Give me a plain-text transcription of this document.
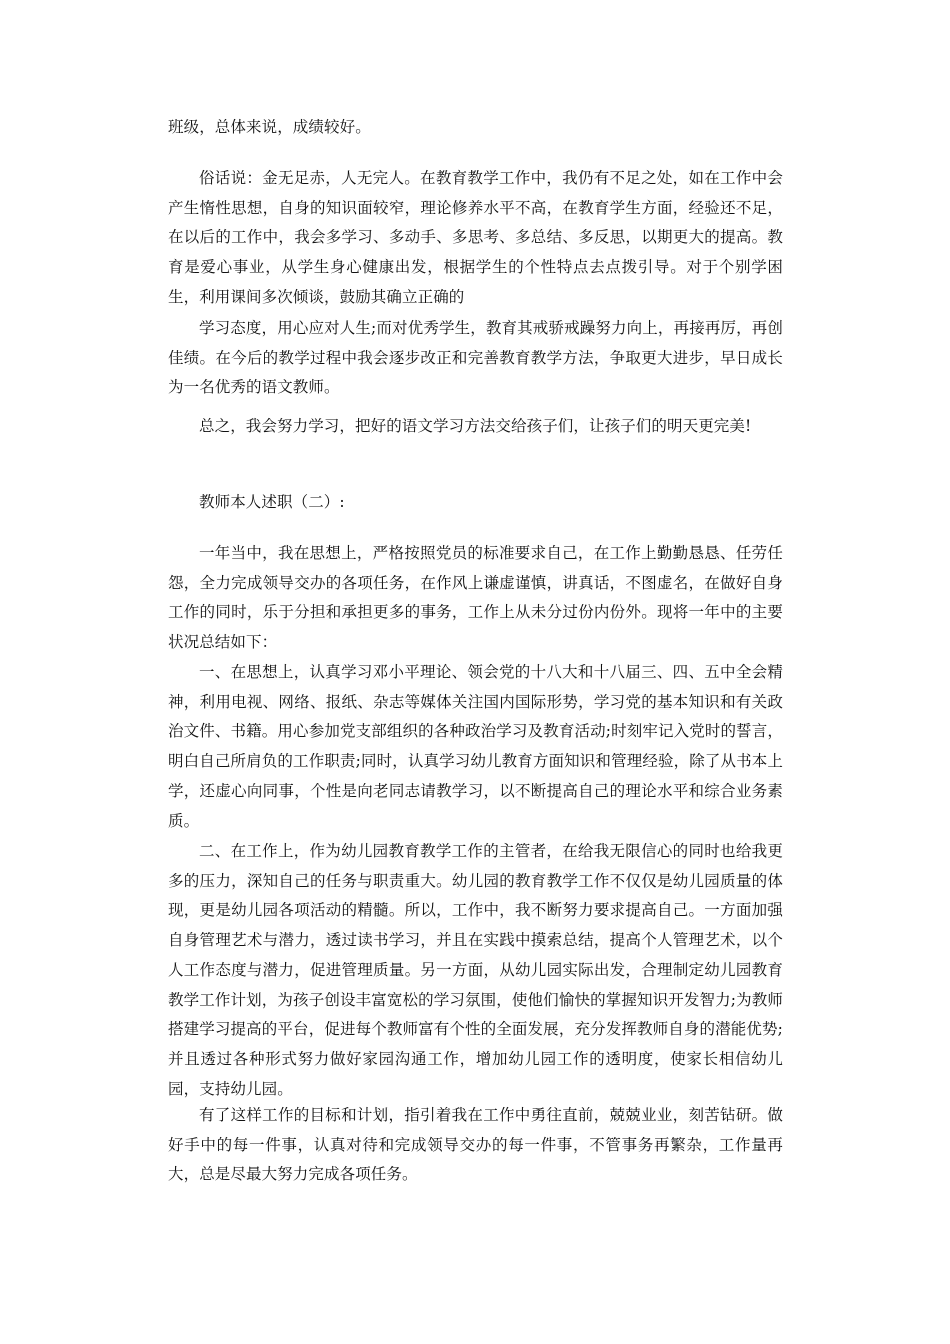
班级，总体来说，成绩较好。

俗话说：金无足赤，人无完人。在教育教学工作中，我仍有不足之处，如在工作中会产生惰性思想，自身的知识面较窄，理论修养水平不高，在教育学生方面，经验还不足，在以后的工作中，我会多学习、多动手、多思考、多总结、多反思，以期更大的提高。教育是爱心事业，从学生身心健康出发，根据学生的个性特点去点拨引导。对于个别学困生，利用课间多次倾谈，鼓励其确立正确的

学习态度，用心应对人生;而对优秀学生，教育其戒骄戒躁努力向上，再接再厉，再创佳绩。在今后的教学过程中我会逐步改正和完善教育教学方法，争取更大进步，早日成长为一名优秀的语文教师。

总之，我会努力学习，把好的语文学习方法交给孩子们，让孩子们的明天更完美!

教师本人述职（二）:

一年当中，我在思想上，严格按照党员的标准要求自己，在工作上勤勤恳恳、任劳任怨，全力完成领导交办的各项任务，在作风上谦虚谨慎，讲真话，不图虚名，在做好自身工作的同时，乐于分担和承担更多的事务，工作上从未分过份内份外。现将一年中的主要状况总结如下：

一、在思想上，认真学习邓小平理论、领会党的十八大和十八届三、四、五中全会精神，利用电视、网络、报纸、杂志等媒体关注国内国际形势，学习党的基本知识和有关政治文件、书籍。用心参加党支部组织的各种政治学习及教育活动;时刻牢记入党时的誓言，明白自己所肩负的工作职责;同时，认真学习幼儿教育方面知识和管理经验，除了从书本上学，还虚心向同事，个性是向老同志请教学习，以不断提高自己的理论水平和综合业务素质。

二、在工作上，作为幼儿园教育教学工作的主管者，在给我无限信心的同时也给我更多的压力，深知自己的任务与职责重大。幼儿园的教育教学工作不仅仅是幼儿园质量的体现，更是幼儿园各项活动的精髓。所以，工作中，我不断努力要求提高自己。一方面加强自身管理艺术与潜力，透过读书学习，并且在实践中摸索总结，提高个人管理艺术，以个人工作态度与潜力，促进管理质量。另一方面，从幼儿园实际出发，合理制定幼儿园教育教学工作计划，为孩子创设丰富宽松的学习氛围，使他们愉快的掌握知识开发智力;为教师搭建学习提高的平台，促进每个教师富有个性的全面发展，充分发挥教师自身的潜能优势;并且透过各种形式努力做好家园沟通工作，增加幼儿园工作的透明度，使家长相信幼儿园，支持幼儿园。

有了这样工作的目标和计划，指引着我在工作中勇往直前，兢兢业业，刻苦钻研。做好手中的每一件事，认真对待和完成领导交办的每一件事，不管事务再繁杂，工作量再大，总是尽最大努力完成各项任务。
